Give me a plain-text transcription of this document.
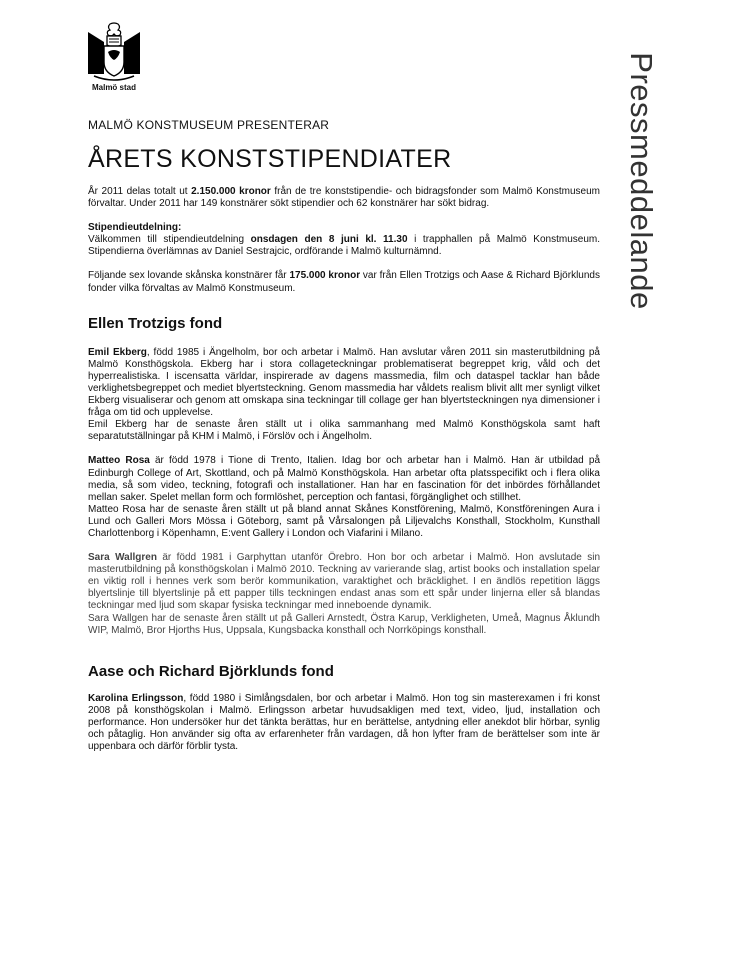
Malmö stad	Pressmeddelande
MALMÖ KONSTMUSEUM PRESENTERAR
ÅRETS KONSTSTIPENDIATER

År 2011 delas totalt ut 2.150.000 kronor från de tre konststipendie- och bidragsfonder som Malmö Konstmuseum förvaltar. Under 2011 har 149 konstnärer sökt stipendier och 62 konstnärer har sökt bidrag.

Stipendieutdelning:
Välkommen till stipendieutdelning onsdagen den 8 juni kl. 11.30 i trapphallen på Malmö Konstmuseum. Stipendierna överlämnas av Daniel Sestrajcic, ordförande i Malmö kulturnämnd.

Följande sex lovande skånska konstnärer får 175.000 kronor var från Ellen Trotzigs och Aase & Richard Björklunds fonder vilka förvaltas av Malmö Konstmuseum.

Ellen Trotzigs fond

Emil Ekberg, född 1985 i Ängelholm, bor och arbetar i Malmö. Han avslutar våren 2011 sin masterutbildning på Malmö Konsthögskola. Ekberg har i stora collageteckningar problematiserat begreppet krig, våld och det hyperrealistiska. I iscensatta världar, inspirerade av dagens massmedia, film och dataspel tacklar han både verklighetsbegreppet och mediet blyertsteckning. Genom massmedia har våldets realism blivit allt mer synligt vilket Ekberg visualiserar och genom att omskapa sina teckningar till collage ger han blyertsteckningen nya dimensioner i fråga om tid och upplevelse.

Emil Ekberg har de senaste åren ställt ut i olika sammanhang med Malmö Konsthögskola samt haft separatutställningar på KHM i Malmö, i Förslöv och i Ängelholm.

Matteo Rosa är född 1978 i Tione di Trento, Italien. Idag bor och arbetar han i Malmö. Han är utbildad på Edinburgh College of Art, Skottland, och på Malmö Konsthögskola. Han arbetar ofta platsspecifikt och i flera olika media, så som video, teckning, fotografi och installationer. Han har en fascination för det inbördes förhållandet mellan saker. Spelet mellan form och formlöshet, perception och fantasi, förgänglighet och stillhet.

Matteo Rosa har de senaste åren ställt ut på bland annat Skånes Konstförening, Malmö, Konstföreningen Aura i Lund och Galleri Mors Mössa i Göteborg, samt på Vårsalongen på Liljevalchs Konsthall, Stockholm, Kunsthall Charlottenborg i Köpenhamn, E:vent Gallery i London och Viafarini i Milano.

Sara Wallgren är född 1981 i Garphyttan utanför Örebro. Hon bor och arbetar i Malmö. Hon avslutade sin masterutbildning på konsthögskolan i Malmö 2010. Teckning av varierande slag, artist books och installation spelar en viktig roll i hennes verk som berör kommunikation, varaktighet och bräcklighet. I en ändlös repetition läggs blyertslinje till blyertslinje på ett papper tills teckningen endast anas som ett spår under linjerna eller så blandas teckningar med ljud som skapar fysiska teckningar med inneboende dynamik.

Sara Wallgen har de senaste åren ställt ut på Galleri Arnstedt, Östra Karup, Verkligheten, Umeå, Magnus Åklundh WIP, Malmö, Bror Hjorths Hus, Uppsala, Kungsbacka konsthall och Norrköpings konsthall.

Aase och Richard Björklunds fond

Karolina Erlingsson, född 1980 i Simlångsdalen, bor och arbetar i Malmö. Hon tog sin masterexamen i fri konst 2008 på konsthögskolan i Malmö. Erlingsson arbetar huvudsakligen med text, video, ljud, installation och performance. Hon undersöker hur det tänkta berättas, hur en berättelse, antydning eller anekdot blir hörbar, synlig och påtaglig. Hon använder sig ofta av erfarenheter från vardagen, då hon lyfter fram de berättelser som inte är uppenbara och därför förblir tysta.
